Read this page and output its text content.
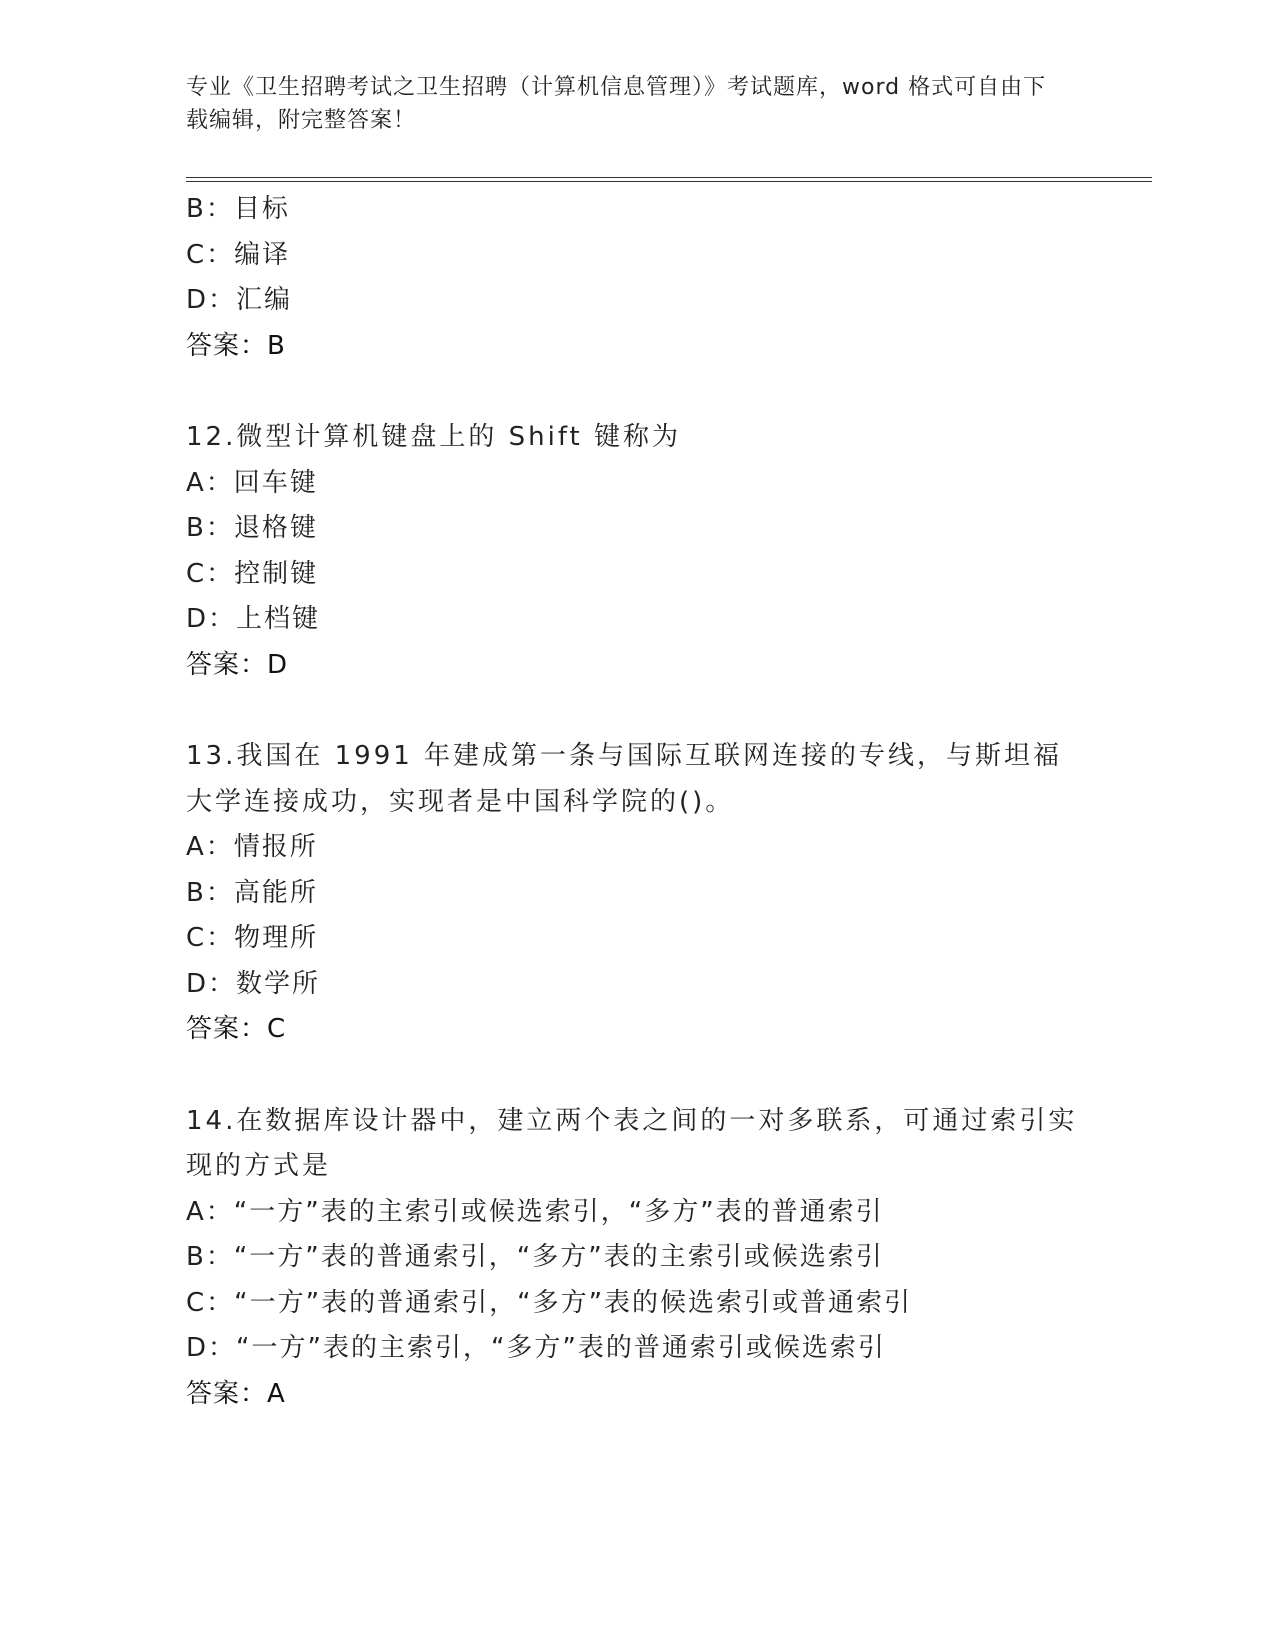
专业《卫生招聘考试之卫生招聘（计算机信息管理）》考试题库，word 格式可自由下载编辑，附完整答案！
B：目标
C：编译
D：汇编
答案：B
12.微型计算机键盘上的 Shift 键称为
A：回车键
B：退格键
C：控制键
D：上档键
答案：D
13.我国在 1991 年建成第一条与国际互联网连接的专线，与斯坦福大学连接成功，实现者是中国科学院的()。
A：情报所
B：高能所
C：物理所
D：数学所
答案：C
14.在数据库设计器中，建立两个表之间的一对多联系，可通过索引实现的方式是
A：“一方”表的主索引或候选索引，“多方”表的普通索引
B：“一方”表的普通索引，“多方”表的主索引或候选索引
C：“一方”表的普通索引，“多方”表的候选索引或普通索引
D：“一方”表的主索引，“多方”表的普通索引或候选索引
答案：A
